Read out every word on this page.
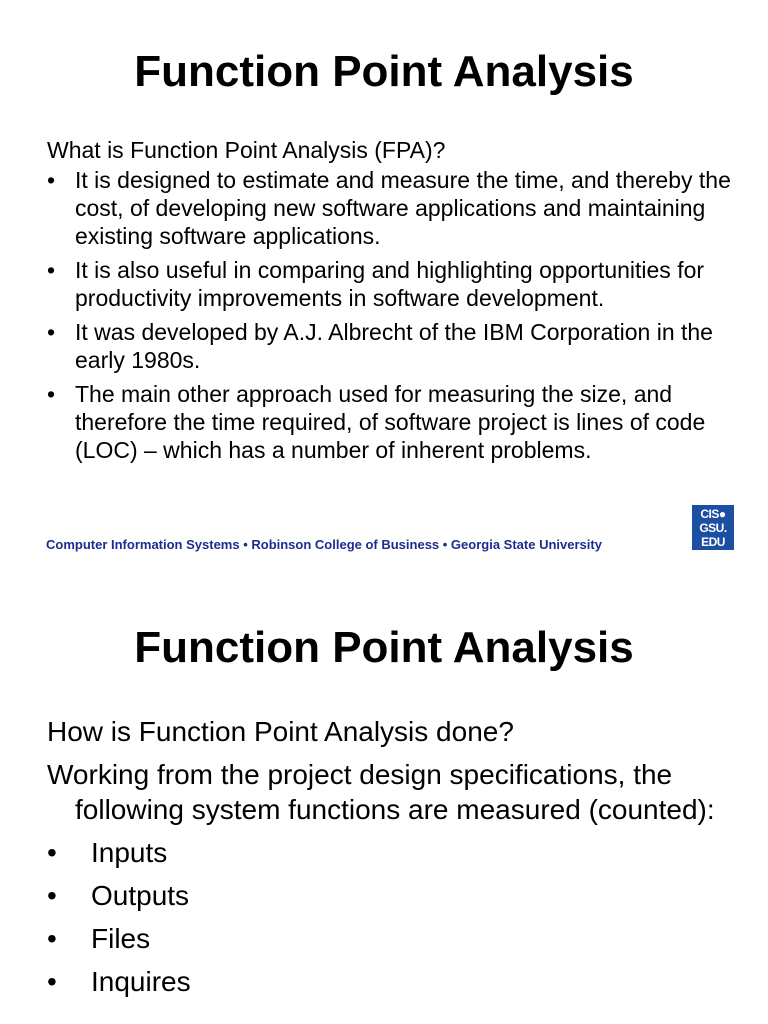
Function Point Analysis

What is Function Point Analysis (FPA)?

• It is designed to estimate and measure the time, and thereby the cost, of developing new software applications and maintaining existing software applications.
• It is also useful in comparing and highlighting opportunities for productivity improvements in software development.
• It was developed by A.J. Albrecht of the IBM Corporation in the early 1980s.
• The main other approach used for measuring the size, and therefore the time required, of software project is lines of code (LOC) – which has a number of inherent problems.
Computer Information Systems • Robinson College of Business • Georgia State University
CIS●
GSU.
EDU
Function Point Analysis

How is Function Point Analysis done?

Working from the project design specifications, the following system functions are measured (counted):

• Inputs
• Outputs
• Files
• Inquires
